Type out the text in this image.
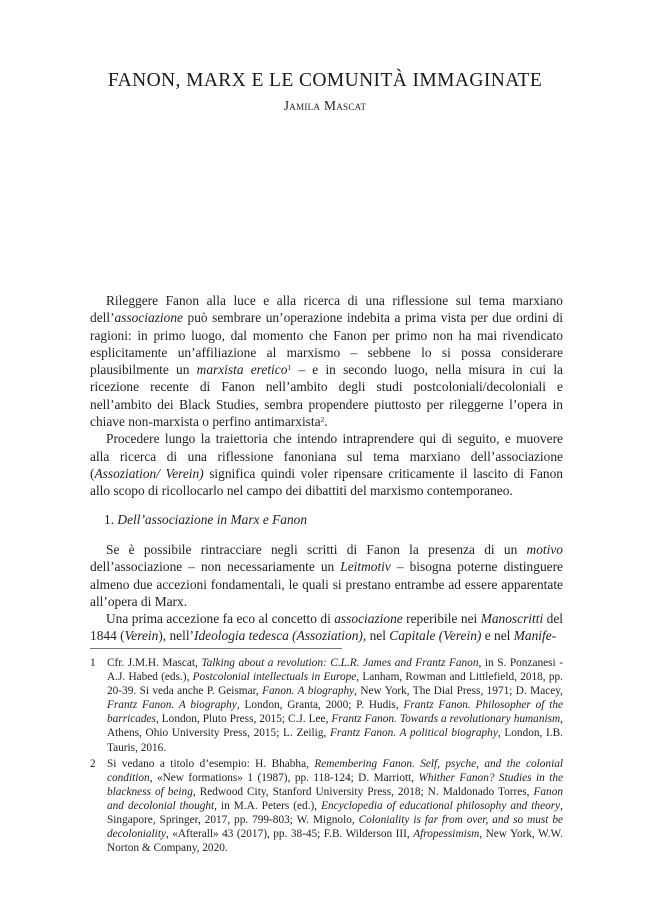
FANON, MARX E LE COMUNITÀ IMMAGINATE
Jamila Mascat

Rileggere Fanon alla luce e alla ricerca di una riflessione sul tema marxiano dell’associazione può sembrare un’operazione indebita a prima vista per due ordini di ragioni: in primo luogo, dal momento che Fanon per primo non ha mai rivendicato esplicitamente un’affiliazione al marxismo – sebbene lo si possa considerare plausibilmente un marxista eretico$^1$ – e in secondo luogo, nella misura in cui la ricezione recente di Fanon nell’ambito degli studi postcoloniali/decoloniali e nell’ambito dei Black Studies, sembra propendere piuttosto per rileggerne l’opera in chiave non-marxista o perfino antimarxista$^2$.

Procedere lungo la traiettoria che intendo intraprendere qui di seguito, e muovere alla ricerca di una riflessione fanoniana sul tema marxiano dell’associazione (Assoziation/ Verein) significa quindi voler ripensare criticamente il lascito di Fanon allo scopo di ricollocarlo nel campo dei dibattiti del marxismo contemporaneo.

1. Dell’associazione in Marx e Fanon

Se è possibile rintracciare negli scritti di Fanon la presenza di un motivo dell’associazione – non necessariamente un Leitmotiv – bisogna poterne distinguere almeno due accezioni fondamentali, le quali si prestano entrambe ad essere apparentate all’opera di Marx.

Una prima accezione fa eco al concetto di associazione reperibile nei Manoscritti del 1844 (Verein), nell’Ideologia tedesca (Assoziation), nel Capitale (Verein) e nel Manife-

1 Cfr. J.M.H. Mascat, Talking about a revolution: C.L.R. James and Frantz Fanon, in S. Ponzanesi - A.J. Habed (eds.), Postcolonial intellectuals in Europe, Lanham, Rowman and Littlefield, 2018, pp. 20-39. Si veda anche P. Geismar, Fanon. A biography, New York, The Dial Press, 1971; D. Macey, Frantz Fanon. A biography, London, Granta, 2000; P. Hudis, Frantz Fanon. Philosopher of the barricades, London, Pluto Press, 2015; C.J. Lee, Frantz Fanon. Towards a revolutionary humanism, Athens, Ohio University Press, 2015; L. Zeilig, Frantz Fanon. A political biography, London, I.B. Tauris, 2016.
2 Si vedano a titolo d’esempio: H. Bhabha, Remembering Fanon. Self, psyche, and the colonial condition, «New formations» 1 (1987), pp. 118-124; D. Marriott, Whither Fanon? Studies in the blackness of being, Redwood City, Stanford University Press, 2018; N. Maldonado Torres, Fanon and decolonial thought, in M.A. Peters (ed.), Encyclopedia of educational philosophy and theory, Singapore, Springer, 2017, pp. 799-803; W. Mignolo, Coloniality is far from over, and so must be decoloniality, «Afterall» 43 (2017), pp. 38-45; F.B. Wilderson III, Afropessimism, New York, W.W. Norton & Company, 2020.
